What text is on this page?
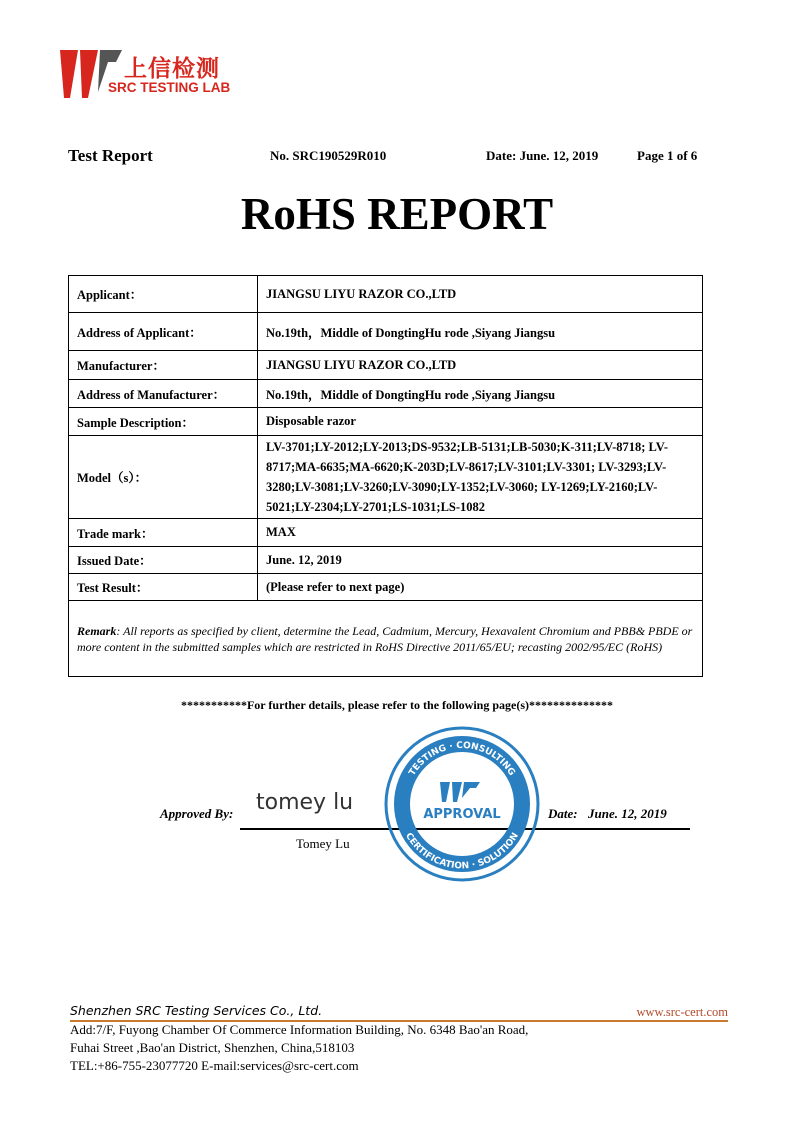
上信检测
SRC TESTING LAB
Test Report	No. SRC190529R010	Date: June. 12, 2019	Page 1 of 6
RoHS REPORT
Applicant：	JIANGSU LIYU RAZOR CO.,LTD
Address of Applicant：	No.19th，Middle of DongtingHu rode ,Siyang Jiangsu
Manufacturer：	JIANGSU LIYU RAZOR CO.,LTD
Address of Manufacturer：	No.19th，Middle of DongtingHu rode ,Siyang Jiangsu
Sample Description：	Disposable razor
Model（s）：	LV-3701;LY-2012;LY-2013;DS-9532;LB-5131;LB-5030;K-311;LV-8718; LV-8717;MA-6635;MA-6620;K-203D;LV-8617;LV-3101;LV-3301; LV-3293;LV-3280;LV-3081;LV-3260;LV-3090;LY-1352;LV-3060; LY-1269;LY-2160;LV-5021;LY-2304;LY-2701;LS-1031;LS-1082
Trade mark：	MAX
Issued Date：	June. 12, 2019
Test Result：	(Please refer to next page)
Remark: All reports as specified by client, determine the Lead, Cadmium, Mercury, Hexavalent Chromium and PBB& PBDE or more content in the submitted samples which are restricted in RoHS Directive 2011/65/EU; recasting 2002/95/EC (RoHS)	
***********For further details, please refer to the following page(s)**************
Approved By: tomey lu
Tomey Lu
Date: June. 12, 2019
TESTING · CONSULTING
CERTIFICATION · SOLUTION
APPROVAL
Shenzhen SRC Testing Services Co., Ltd.	www.src-cert.com
Add:7/F, Fuyong Chamber Of Commerce Information Building, No. 6348 Bao'an Road,
Fuhai Street ,Bao'an District, Shenzhen, China,518103
TEL:+86-755-23077720 E-mail:services@src-cert.com
